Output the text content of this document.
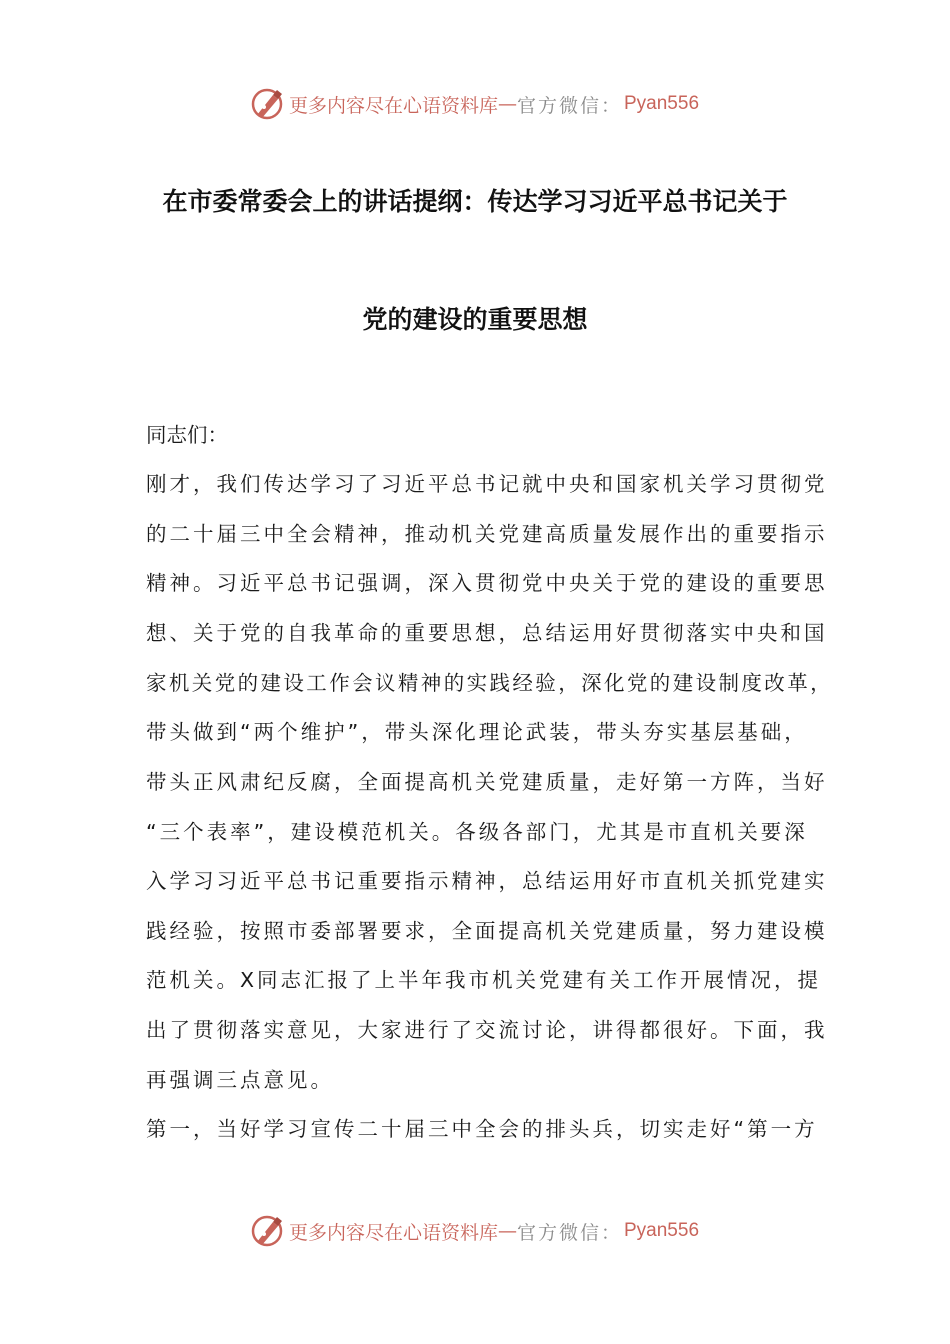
更多内容尽在心语资料库 — 官方微信： Pyan556
在市委常委会上的讲话提纲：传达学习习近平总书记关于
党的建设的重要思想
同志们：
刚才，我们传达学习了习近平总书记就中央和国家机关学习贯彻党
的二十届三中全会精神，推动机关党建高质量发展作出的重要指示
精神。习近平总书记强调，深入贯彻党中央关于党的建设的重要思
想、关于党的自我革命的重要思想，总结运用好贯彻落实中央和国
家机关党的建设工作会议精神的实践经验，深化党的建设制度改革，
带头做到“两个维护”，带头深化理论武装，带头夯实基层基础，
带头正风肃纪反腐，全面提高机关党建质量，走好第一方阵，当好
“三个表率”，建设模范机关。各级各部门，尤其是市直机关要深
入学习习近平总书记重要指示精神，总结运用好市直机关抓党建实
践经验，按照市委部署要求，全面提高机关党建质量，努力建设模
范机关。X同志汇报了上半年我市机关党建有关工作开展情况，提
出了贯彻落实意见，大家进行了交流讨论，讲得都很好。下面，我
再强调三点意见。
第一，当好学习宣传二十届三中全会的排头兵，切实走好“第一方
更多内容尽在心语资料库 — 官方微信： Pyan556
